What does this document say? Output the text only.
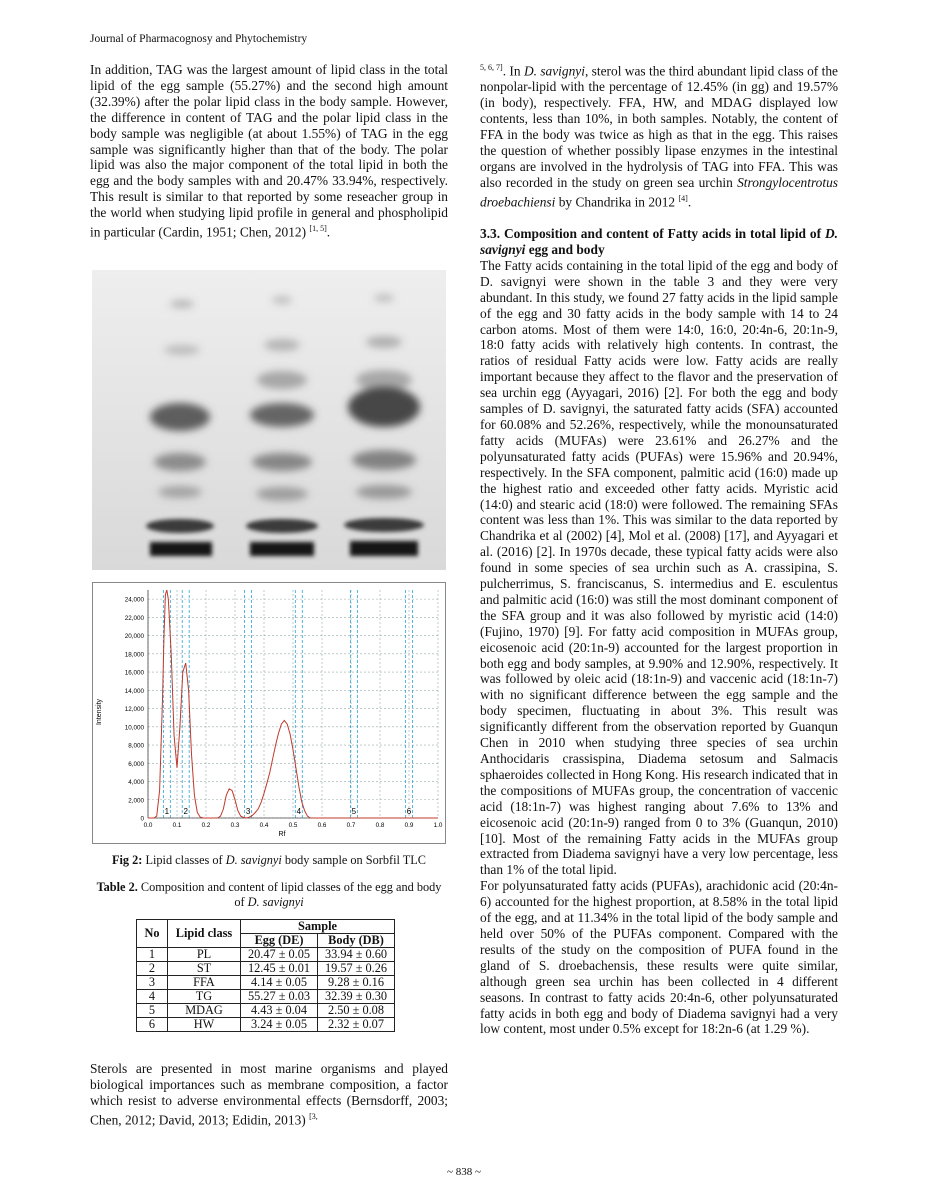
Journal of Pharmacognosy and Phytochemistry

In addition, TAG was the largest amount of lipid class in the total lipid of the egg sample (55.27%) and the second high amount (32.39%) after the polar lipid class in the body sample. However, the difference in content of TAG and the polar lipid class in the body sample was negligible (at about 1.55%) of TAG in the egg sample was significantly higher than that of the body. The polar lipid was also the major component of the total lipid in both the egg and the body samples with and 20.47% 33.94%, respectively. This result is similar to that reported by some reseacher group in the world when studying lipid profile in general and phospholipid in particular (Cardin, 1951; Chen, 2012) [1, 5].

1 2	3	4	5	6
0
2,000
4,000
6,000
8,000
10,000
12,000
14,000
16,000
18,000
20,000
22,000
24,000
0.0	0.1	0.2	0.3	0.4	0.5	0.6	0.7	0.8	0.9	1.0
Rf
Intensity
Fig 2: Lipid classes of D. savignyi body sample on Sorbfil TLC
Table 2. Composition and content of lipid classes of the egg and body of D. savignyi
No	Lipid class	Sample	
		Egg (DE)	Body (DB)
1	PL	20.47 ± 0.05	33.94 ± 0.60
2	ST	12.45 ± 0.01	19.57 ± 0.26
3	FFA	4.14 ± 0.05	9.28 ± 0.16
4	TG	55.27 ± 0.03	32.39 ± 0.30
5	MDAG	4.43 ± 0.04	2.50 ± 0.08
6	HW	3.24 ± 0.05	2.32 ± 0.07

Sterols are presented in most marine organisms and played biological importances such as membrane composition, a factor which resist to adverse environmental effects (Bernsdorff, 2003; Chen, 2012; David, 2013; Edidin, 2013) $^{[3,}$

$^{5, 6, 7]}$. In D. savignyi, sterol was the third abundant lipid class of the nonpolar-lipid with the percentage of 12.45% (in gg) and 19.57% (in body), respectively. FFA, HW, and MDAG displayed low contents, less than 10%, in both samples. Notably, the content of FFA in the body was twice as high as that in the egg. This raises the question of whether possibly lipase enzymes in the intestinal organs are involved in the hydrolysis of TAG into FFA. This was also recorded in the study on green sea urchin Strongylocentrotus droebachiensi by Chandrika in 2012 [4].

3.3. Composition and content of Fatty acids in total lipid of D. savignyi egg and body

The Fatty acids containing in the total lipid of the egg and body of D. savignyi were shown in the table 3 and they were very abundant. In this study, we found 27 fatty acids in the lipid sample of the egg and 30 fatty acids in the body sample with 14 to 24 carbon atoms. Most of them were 14:0, 16:0, 20:4n-6, 20:1n-9, 18:0 fatty acids with relatively high contents. In contrast, the ratios of residual Fatty acids were low. Fatty acids are really important because they affect to the flavor and the preservation of sea urchin egg (Ayyagari, 2016) [2]. For both the egg and body samples of D. savignyi, the saturated fatty acids (SFA) accounted for 60.08% and 52.26%, respectively, while the monounsaturated fatty acids (MUFAs) were 23.61% and 26.27% and the polyunsaturated fatty acids (PUFAs) were 15.96% and 20.94%, respectively. In the SFA component, palmitic acid (16:0) made up the highest ratio and exceeded other fatty acids. Myristic acid (14:0) and stearic acid (18:0) were followed. The remaining SFAs content was less than 1%. This was similar to the data reported by Chandrika et al (2002) [4], Mol et al. (2008) [17], and Ayyagari et al. (2016) [2]. In 1970s decade, these typical fatty acids were also found in some species of sea urchin such as A. crassipina, S. pulcherrimus, S. franciscanus, S. intermedius and E. esculentus and palmitic acid (16:0) was still the most dominant component of the SFA group and it was also followed by myristic acid (14:0) (Fujino, 1970) [9]. For fatty acid composition in MUFAs group, eicosenoic acid (20:1n-9) accounted for the largest proportion in both egg and body samples, at 9.90% and 12.90%, respectively. It was followed by oleic acid (18:1n-9) and vaccenic acid (18:1n-7) with no significant difference between the egg sample and the body specimen, fluctuating in about 3%. This result was significantly different from the observation reported by Guanqun Chen in 2010 when studying three species of sea urchin Anthocidaris crassispina, Diadema setosum and Salmacis sphaeroides collected in Hong Kong. His research indicated that in the compositions of MUFAs group, the concentration of vaccenic acid (18:1n-7) was highest ranging about 7.6% to 13% and eicosenoic acid (20:1n-9) ranged from 0 to 3% (Guanqun, 2010) [10]. Most of the remaining Fatty acids in the MUFAs group extracted from Diadema savignyi have a very low percentage, less than 1% of the total lipid.

For polyunsaturated fatty acids (PUFAs), arachidonic acid (20:4n-6) accounted for the highest proportion, at 8.58% in the total lipid of the egg, and at 11.34% in the total lipid of the body sample and held over 50% of the PUFAs component. Compared with the results of the study on the composition of PUFA found in the gland of S. droebachensis, these results were quite similar, although green sea urchin has been collected in 4 different seasons. In contrast to fatty acids 20:4n-6, other polyunsaturated fatty acids in both egg and body of Diadema savignyi had a very low content, most under 0.5% except for 18:2n-6 (at 1.29 %).

~ 838 ~
